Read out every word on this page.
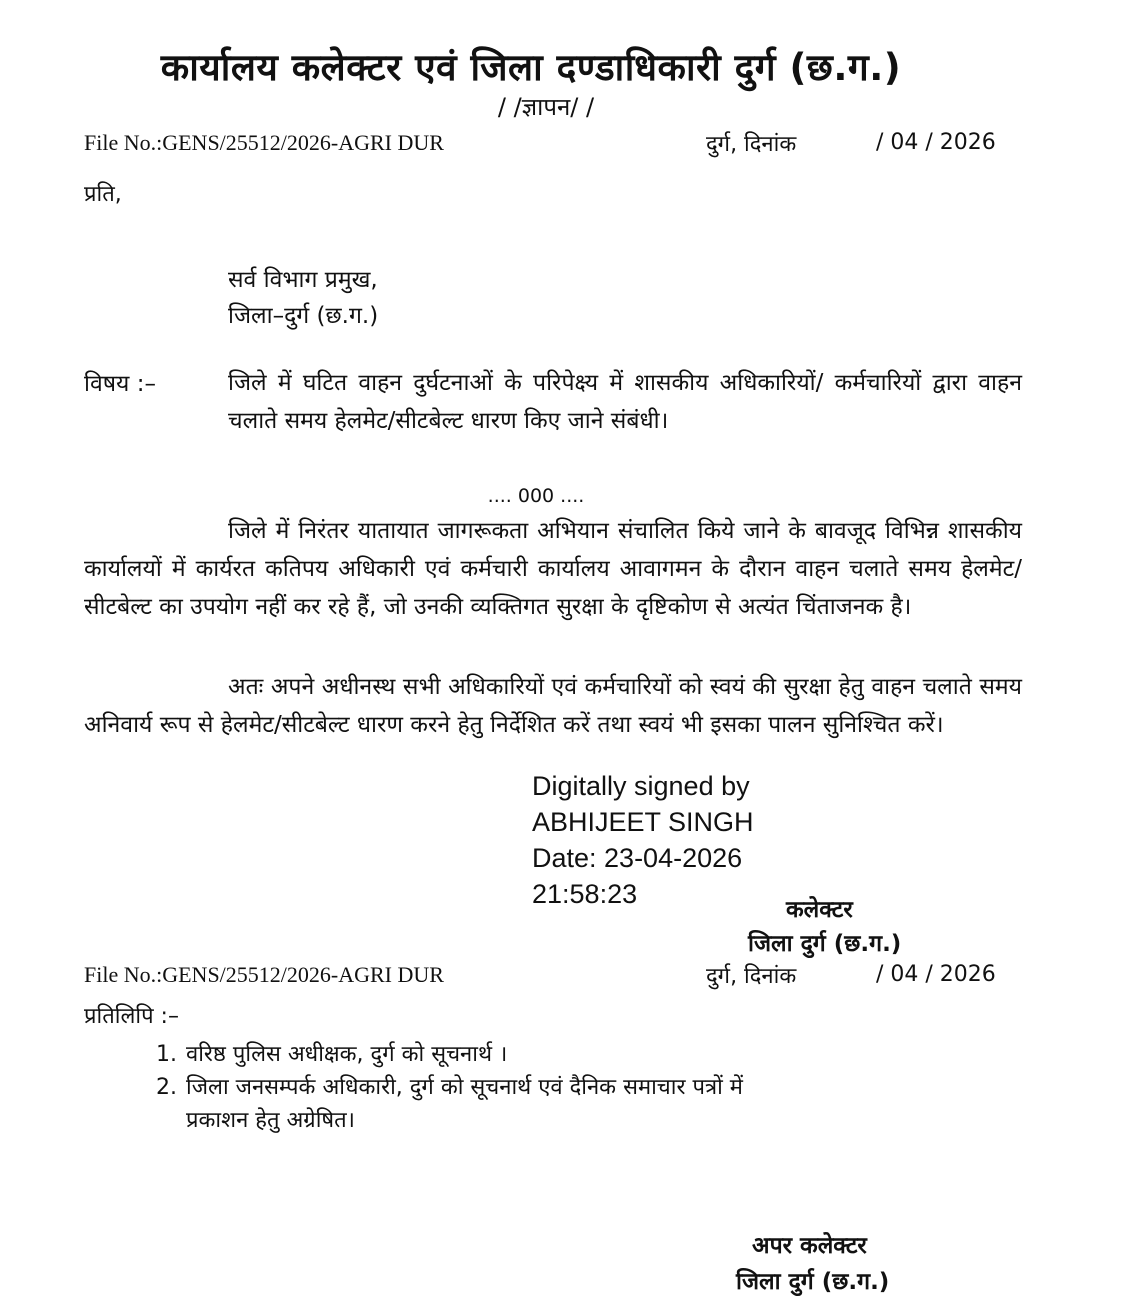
कार्यालय कलेक्टर एवं जिला दण्डाधिकारी दुर्ग (छ.ग.)
/ /ज्ञापन/ /
File No.:GENS/25512/2026-AGRI DUR	दुर्ग, दिनांक	/ 04 / 2026
प्रति,
सर्व विभाग प्रमुख,
जिला–दुर्ग (छ.ग.)
विषय :–	जिले में घटित वाहन दुर्घटनाओं के परिपेक्ष्य में शासकीय अधिकारियों/ कर्मचारियों द्वारा वाहन चलाते समय हेलमेट/सीटबेल्ट धारण किए जाने संबंधी।
.... 000 ....
जिले में निरंतर यातायात जागरूकता अभियान संचालित किये जाने के बावजूद विभिन्न शासकीय कार्यालयों में कार्यरत कतिपय अधिकारी एवं कर्मचारी कार्यालय आवागमन के दौरान वाहन चलाते समय हेलमेट/सीटबेल्ट का उपयोग नहीं कर रहे हैं, जो उनकी व्यक्तिगत सुरक्षा के दृष्टिकोण से अत्यंत चिंताजनक है।
अतः अपने अधीनस्थ सभी अधिकारियों एवं कर्मचारियों को स्वयं की सुरक्षा हेतु वाहन चलाते समय अनिवार्य रूप से हेलमेट/सीटबेल्ट धारण करने हेतु निर्देशित करें तथा स्वयं भी इसका पालन सुनिश्चित करें।
Digitally signed by
ABHIJEET SINGH
Date: 23-04-2026
21:58:23
कलेक्टर
जिला दुर्ग (छ.ग.)
File No.:GENS/25512/2026-AGRI DUR	दुर्ग, दिनांक	/ 04 / 2026
प्रतिलिपि :–
1. वरिष्ठ पुलिस अधीक्षक, दुर्ग को सूचनार्थ ।
2. जिला जनसम्पर्क अधिकारी, दुर्ग को सूचनार्थ एवं दैनिक समाचार पत्रों में
प्रकाशन हेतु अग्रेषित।
अपर कलेक्टर
जिला दुर्ग (छ.ग.)
